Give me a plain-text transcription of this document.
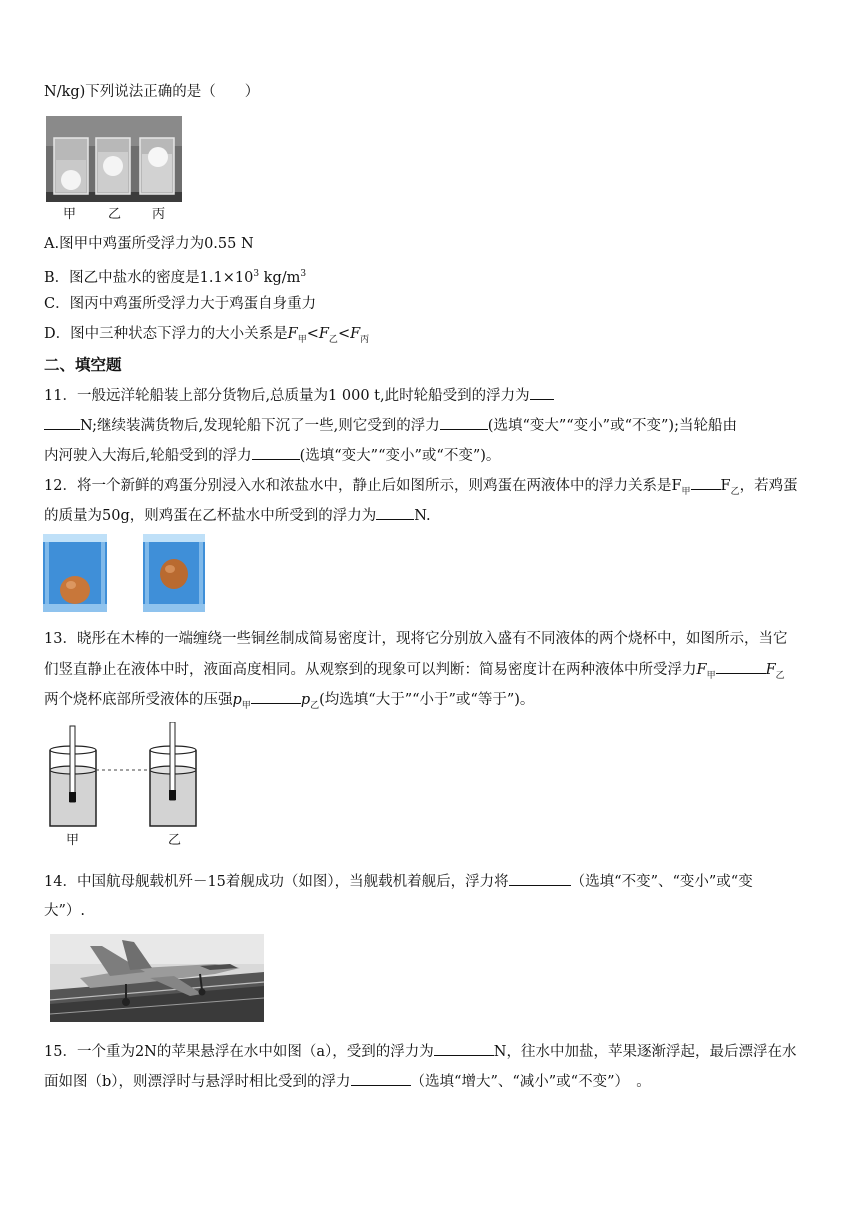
N/kg)下列说法正确的是（　　）
甲 乙 丙
A.图甲中鸡蛋所受浮力为0.55 N
B．图乙中盐水的密度是$1.1\times 10^3$ $kg/m^3$
C．图丙中鸡蛋所受浮力大于鸡蛋自身重力
D．图中三种状态下浮力的大小关系是$F_甲<F_乙<F_丙$
二、填空题
11．一般远洋轮船装上部分货物后,总质量为1 000 t,此时轮船受到的浮力为
N;继续装满货物后,发现轮船下沉了一些,则它受到的浮力	(选填“变大”“变小”或“不变”);当轮船由
内河驶入大海后,轮船受到的浮力	(选填“变大”“变小”或“不变”)。
12．将一个新鲜的鸡蛋分别浸入水和浓盐水中，静止后如图所示，则鸡蛋在两液体中的浮力关系是$F_甲$ $F_乙$，若鸡蛋
的质量为50g，则鸡蛋在乙杯盐水中所受到的浮力为	N.
13．晓彤在木棒的一端缠绕一些铜丝制成简易密度计，现将它分别放入盛有不同液体的两个烧杯中，如图所示，当它
们竖直静止在液体中时，液面高度相同。从观察到的现象可以判断：简易密度计在两种液体中所受浮力$F_甲$	$F_乙$
两个烧杯底部所受液体的压强$p_甲$	$p_乙$(均选填“大于”“小于”或“等于”)。
甲	乙
14．中国航母舰载机歼－15着舰成功（如图），当舰载机着舰后，浮力将	（选填“不变”、“变小”或“变
大”）.
15．一个重为2N的苹果悬浮在水中如图（a），受到的浮力为	N，往水中加盐，苹果逐渐浮起，最后漂浮在水
面如图（b），则漂浮时与悬浮时相比受到的浮力	（选填“增大”、“减小”或“不变”）　。
